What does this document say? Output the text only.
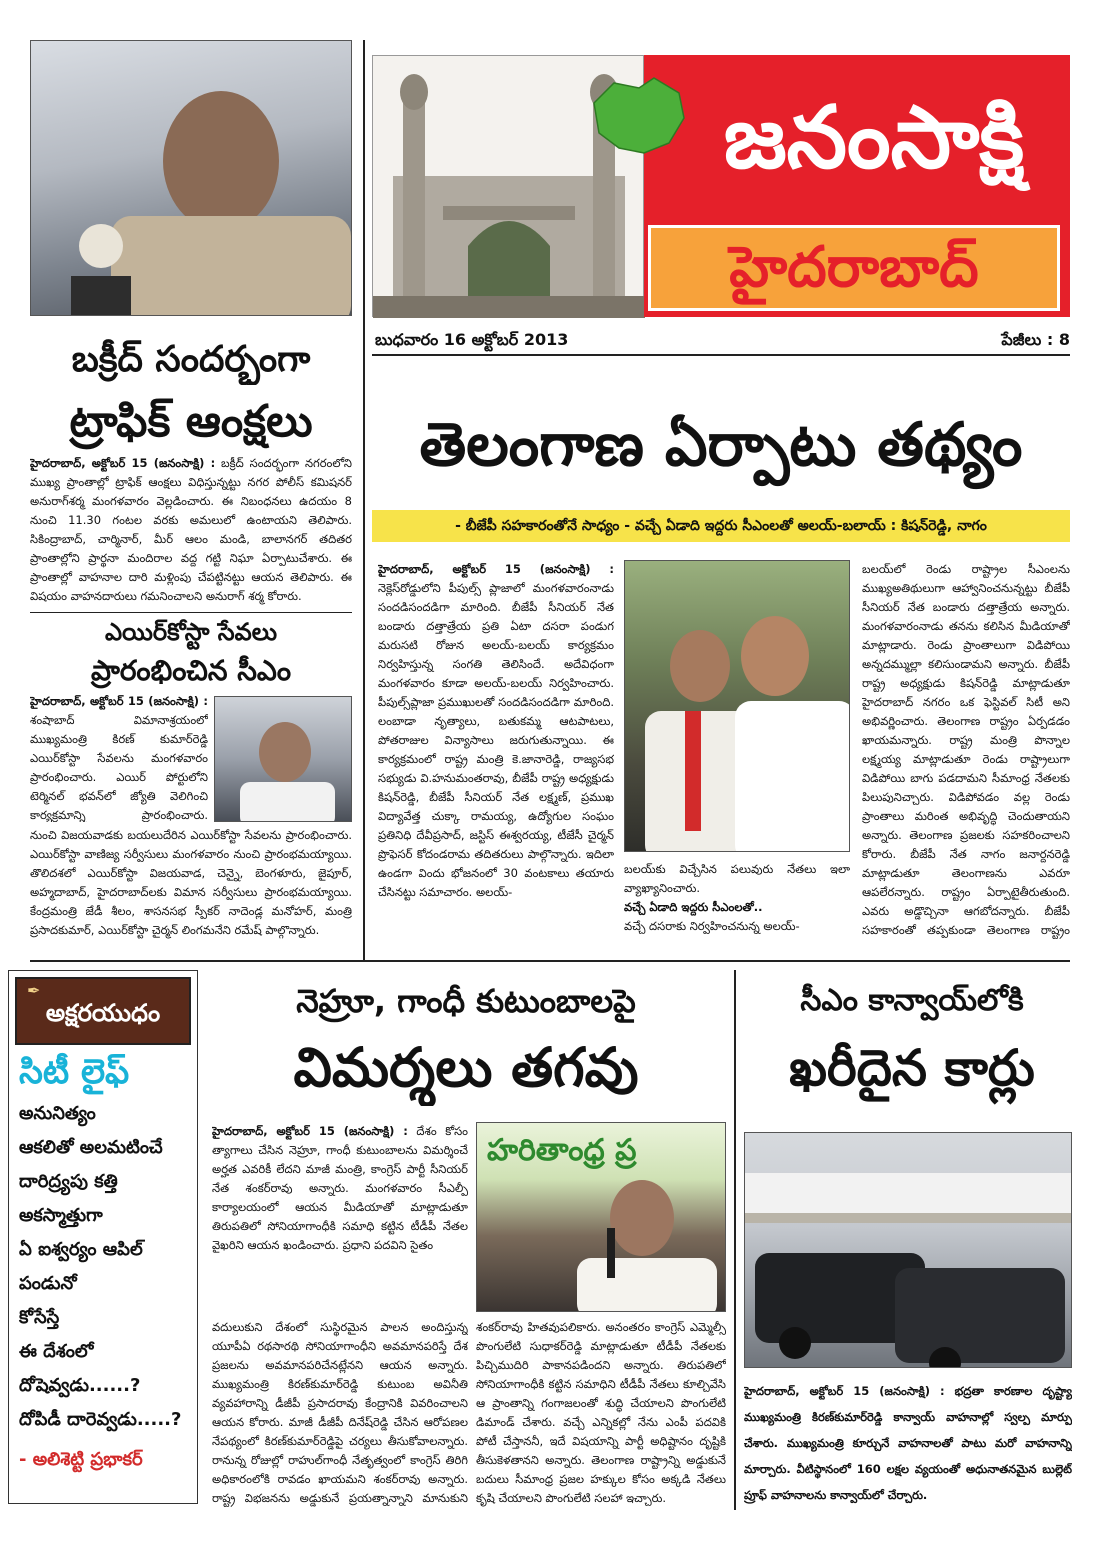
జనంసాక్షి
హైదరాబాద్
బుధవారం 16 అక్టోబర్ 2013	పేజీలు : 8
బక్రీద్ సందర్భంగా
ట్రాఫిక్ ఆంక్షలు
హైదరాబాద్, అక్టోబర్ 15 (జనంసాక్షి) : బక్రీద్ సందర్భంగా నగరంలోని ముఖ్య ప్రాంతాల్లో ట్రాఫిక్ ఆంక్షలు విధిస్తున్నట్టు నగర పోలీస్ కమిషనర్ అనురాగ్‌శర్మ మంగళవారం వెల్లడించారు. ఈ నిబంధనలు ఉదయం 8 నుంచి 11.30 గంటల వరకు అమలులో ఉంటాయని తెలిపారు. సికింద్రాబాద్, చార్మినార్, మీర్ ఆలం మండి, బాలానగర్ తదితర ప్రాంతాల్లోని ప్రార్థనా మందిరాల వద్ద గట్టి నిఘా ఏర్పాటుచేశారు. ఈ ప్రాంతాల్లో వాహనాల దారి మళ్లింపు చేపట్టినట్టు ఆయన తెలిపారు. ఈ విషయం వాహనదారులు గమనించాలని అనురాగ్ శర్మ కోరారు.
ఎయిర్‌కోస్టా సేవలు
ప్రారంభించిన సీఎం
హైదరాబాద్, అక్టోబర్ 15 (జనంసాక్షి) : శంషాబాద్ విమానాశ్రయంలో ముఖ్యమంత్రి కిరణ్ కుమార్‌రెడ్డి ఎయిర్‌కోస్టా సేవలను మంగళవారం ప్రారంభించారు. ఎయిర్ పోర్టులోని టెర్మినల్ భవన్‌లో జ్యోతి వెలిగించి కార్యక్రమాన్ని ప్రారంభించారు.
నుంచి విజయవాడకు బయలుదేరిన ఎయిర్‌కోస్టా సేవలను ప్రారంభించారు. ఎయిర్‌కోస్టా వాణిజ్య సర్వీసులు మంగళవారం నుంచి ప్రారంభమయ్యాయి. తొలిదశలో ఎయిర్‌కోస్టా విజయవాడ, చెన్నై, బెంగళూరు, జైపూర్, అహ్మదాబాద్, హైదరాబాద్‌లకు విమాన సర్వీసులు ప్రారంభమయ్యాయి. కేంద్రమంత్రి జేడీ శీలం, శాసనసభ స్పీకర్ నాదెండ్ల మనోహర్, మంత్రి ప్రసాదకుమార్, ఎయిర్‌కోస్టా చైర్మన్ లింగమనేని రమేష్ పాల్గొన్నారు.
తెలంగాణ ఏర్పాటు తథ్యం
- బీజేపీ సహకారంతోనే సాధ్యం - వచ్చే ఏడాది ఇద్దరు సీఎంలతో అలయ్-బలాయ్ : కిషన్‌రెడ్డి, నాగం
హైదరాబాద్, అక్టోబర్ 15 (జనంసాక్షి) : నెక్లెస్‌రోడ్డులోని పీపుల్స్ ప్లాజాలో మంగళవారంనాడు సందడిసందడిగా మారింది. బీజేపీ సీనియర్ నేత బండారు దత్తాత్రేయ ప్రతి ఏటా దసరా పండుగ మరుసటి రోజున అలయ్-బలయ్ కార్యక్రమం నిర్వహిస్తున్న సంగతి తెలిసిందే. అదేవిధంగా మంగళవారం కూడా అలయ్-బలయ్ నిర్వహించారు. పీపుల్స్‌ప్లాజా ప్రముఖులతో సందడిసందడిగా మారింది. లంబాడా నృత్యాలు, బతుకమ్మ ఆటపాటలు, పోతరాజుల విన్యాసాలు జరుగుతున్నాయి. ఈ కార్యక్రమంలో రాష్ట్ర మంత్రి కె.జానారెడ్డి, రాజ్యసభ సభ్యుడు వి.హనుమంతరావు, బీజేపీ రాష్ట్ర అధ్యక్షుడు కిషన్‌రెడ్డి, బీజేపీ సీనియర్ నేత లక్ష్మణ్, ప్రముఖ విద్యావేత్త చుక్కా రామయ్య, ఉద్యోగుల సంఘం ప్రతినిధి దేవీప్రసాద్, జస్టిస్ ఈశ్వరయ్య, టీజేసీ చైర్మన్ ప్రొఫెసర్ కోదండరామ తదితరులు పాల్గొన్నారు. ఇదిలా ఉండగా విందు భోజనంలో 30 వంటకాలు తయారు చేసినట్టు సమాచారం. అలయ్-
బలయ్‌కు విచ్చేసిన పలువురు నేతలు ఇలా వ్యాఖ్యానించారు.
వచ్చే ఏడాది ఇద్దరు సీఎంలతో..
వచ్చే దసరాకు నిర్వహించనున్న అలయ్-
బలయ్‌లో రెండు రాష్ట్రాల సీఎంలను ముఖ్యఅతిథులుగా ఆహ్వానించనున్నట్టు బీజేపీ సీనియర్ నేత బండారు దత్తాత్రేయ అన్నారు. మంగళవారంనాడు తనను కలిసిన మీడియాతో మాట్లాడారు. రెండు ప్రాంతాలుగా విడిపోయి అన్నదమ్ముల్లా కలిసుండామని అన్నారు. బీజేపీ రాష్ట్ర అధ్యక్షుడు కిషన్‌రెడ్డి మాట్లాడుతూ హైదరాబాద్ నగరం ఒక ఫెస్టివల్ సిటీ అని అభివర్ణించారు. తెలంగాణ రాష్ట్రం ఏర్పడడం ఖాయమన్నారు. రాష్ట్ర మంత్రి పొన్నాల లక్ష్మయ్య మాట్లాడుతూ రెండు రాష్ట్రాలుగా విడిపోయి బాగు పడదామని సీమాంధ్ర నేతలకు పిలుపునిచ్చారు. విడిపోవడం వల్ల రెండు ప్రాంతాలు మరింత అభివృద్ధి చెందుతాయని అన్నారు. తెలంగాణ ప్రజలకు సహకరించాలని కోరారు. బీజేపీ నేత నాగం జనార్దనరెడ్డి మాట్లాడుతూ తెలంగాణను ఎవరూ ఆపలేరన్నారు. రాష్ట్రం ఏర్పాటైతీరుతుంది. ఎవరు అడ్డొచ్చినా ఆగబోదన్నారు. బీజేపీ సహకారంతో తప్పకుండా తెలంగాణ రాష్ట్రం
అక్షరయుధం
✒
సిటీ లైఫ్
అనునిత్యం
ఆకలితో అలమటించే
దారిద్ర్యపు కత్తి
అకస్మాత్తుగా
ఏ ఐశ్వర్యం ఆపిల్
పండునో
కోసేస్తే
ఈ దేశంలో
దోషెవ్వడు......?
దోపిడీ దారెవ్వడు.....?
- అలిశెట్టి ప్రభాకర్
నెహ్రూ, గాంధీ కుటుంబాలపై
విమర్శలు తగవు
హైదరాబాద్, అక్టోబర్ 15 (జనంసాక్షి) : దేశం కోసం త్యాగాలు చేసిన నెహ్రూ, గాంధీ కుటుంబాలను విమర్శించే అర్హత ఎవరికీ లేదని మాజీ మంత్రి, కాంగ్రెస్ పార్టీ సీనియర్ నేత శంకర్‌రావు అన్నారు. మంగళవారం సీఎల్పీ కార్యాలయంలో ఆయన మీడియాతో మాట్లాడుతూ తిరుపతిలో సోనియాగాంధీకి సమాధి కట్టిన టీడీపీ నేతల వైఖరిని ఆయన ఖండించారు. ప్రధాని పదవిని సైతం
హరితాంధ్ర ప్ర
వదులుకుని దేశంలో సుస్థిరమైన పాలన అందిస్తున్న యూపీఏ రథసారథి సోనియాగాంధీని అవమానపరిస్తే దేశ ప్రజలను అవమానపరిచేనట్లేనని ఆయన అన్నారు. ముఖ్యమంత్రి కిరణ్‌కుమార్‌రెడ్డి కుటుంబ అవినీతి వ్యవహారాన్ని డీజీపీ ప్రసాదరావు కేంద్రానికి వివరించాలని ఆయన కోరారు. మాజీ డీజీపీ దినేష్‌రెడ్డి చేసిన ఆరోపణల నేపథ్యంలో కిరణ్‌కుమార్‌రెడ్డిపై చర్యలు తీసుకోవాలన్నారు. రానున్న రోజుల్లో రాహుల్‌గాంధీ నేతృత్వంలో కాంగ్రెస్ తిరిగి అధికారంలోకి రావడం ఖాయమని శంకర్‌రావు అన్నారు. రాష్ట్ర విభజనను అడ్డుకునే ప్రయత్నాన్నాని మానుకుని
శంకర్‌రావు హితవుపలికారు. అనంతరం కాంగ్రెస్ ఎమ్మెల్సీ పొంగులేటి సుధాకర్‌రెడ్డి మాట్లాడుతూ టీడీపీ నేతలకు పిచ్చిముదిరి పాకానపడిందని అన్నారు. తిరుపతిలో సోనియాగాంధీకి కట్టిన సమాధిని టీడీపీ నేతలు కూల్చివేసి ఆ ప్రాంతాన్ని గంగాజలంతో శుద్ధి చేయాలని పొంగులేటి డిమాండ్ చేశారు. వచ్చే ఎన్నికల్లో నేను ఎంపీ పదవికి పోటీ చేస్తాననీ, ఇదే విషయాన్ని పార్టీ అధిష్టానం దృష్టికి తీసుకెళతానని అన్నారు. తెలంగాణ రాష్ట్రాన్ని అడ్డుకునే బదులు సీమాంధ్ర ప్రజల హక్కుల కోసం అక్కడి నేతలు కృషి చేయాలని పొంగులేటి సలహా ఇచ్చారు.
సీఎం కాన్వాయ్‌లోకి
ఖరీదైన కార్లు
హైదరాబాద్, అక్టోబర్ 15 (జనంసాక్షి) : భద్రతా కారణాల దృష్ట్యా ముఖ్యమంత్రి కిరణ్‌కుమార్‌రెడ్డి కాన్వాయ్ వాహనాల్లో స్వల్ప మార్పు చేశారు. ముఖ్యమంత్రి కూర్చునే వాహనాలతో పాటు మరో వాహనాన్ని మార్చారు. వీటిస్థానంలో 160 లక్షల వ్యయంతో అధునాతనమైన బుల్లెట్ ప్రూఫ్ వాహనాలను కాన్వాయ్‌లో చేర్చారు.
